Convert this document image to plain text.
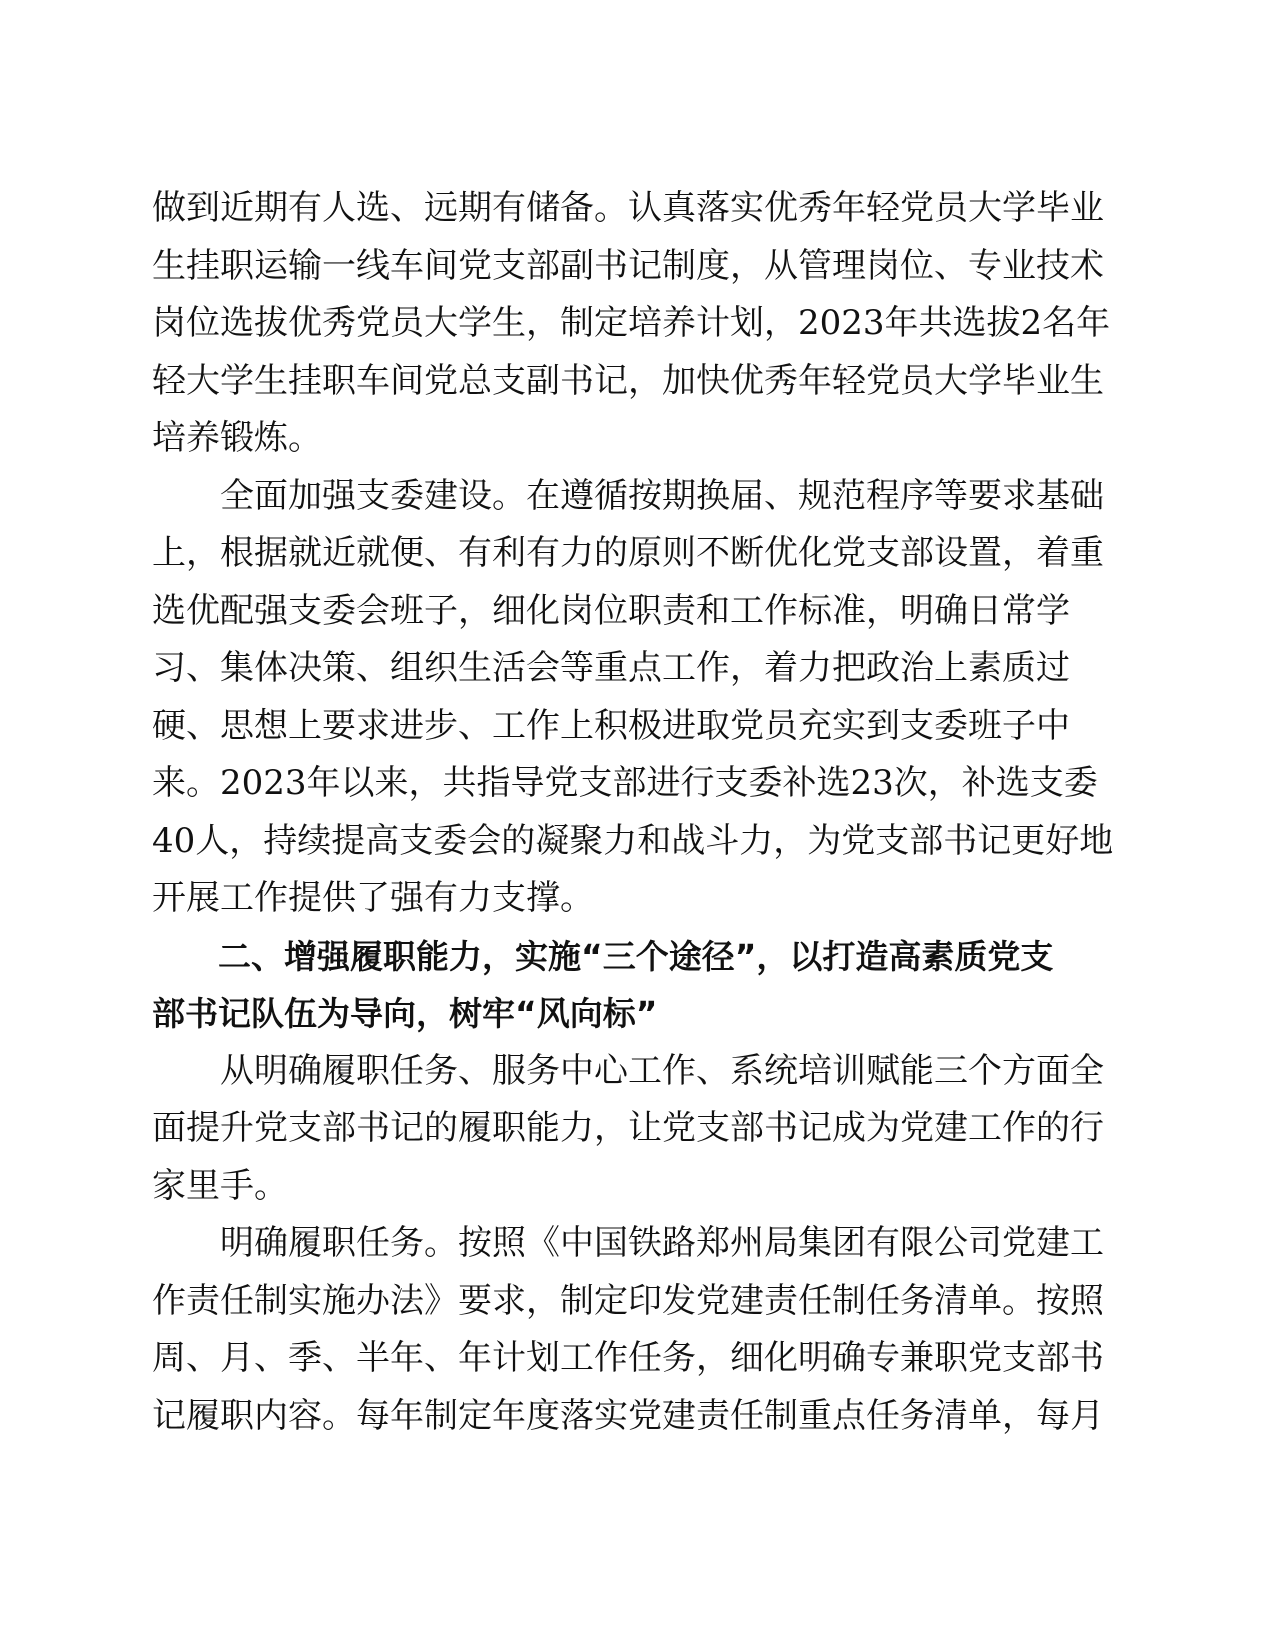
做到近期有人选、远期有储备。认真落实优秀年轻党员大学毕业
生挂职运输一线车间党支部副书记制度，从管理岗位、专业技术
岗位选拔优秀党员大学生，制定培养计划，2023年共选拔2名年
轻大学生挂职车间党总支副书记，加快优秀年轻党员大学毕业生
培养锻炼。

全面加强支委建设。在遵循按期换届、规范程序等要求基础
上，根据就近就便、有利有力的原则不断优化党支部设置，着重
选优配强支委会班子，细化岗位职责和工作标准，明确日常学
习、集体决策、组织生活会等重点工作，着力把政治上素质过
硬、思想上要求进步、工作上积极进取党员充实到支委班子中
来。2023年以来，共指导党支部进行支委补选23次，补选支委
40人，持续提高支委会的凝聚力和战斗力，为党支部书记更好地
开展工作提供了强有力支撑。

二、增强履职能力，实施“三个途径”，以打造高素质党支
部书记队伍为导向，树牢“风向标”

从明确履职任务、服务中心工作、系统培训赋能三个方面全
面提升党支部书记的履职能力，让党支部书记成为党建工作的行
家里手。

明确履职任务。按照《中国铁路郑州局集团有限公司党建工
作责任制实施办法》要求，制定印发党建责任制任务清单。按照
周、月、季、半年、年计划工作任务，细化明确专兼职党支部书
记履职内容。每年制定年度落实党建责任制重点任务清单，每月
